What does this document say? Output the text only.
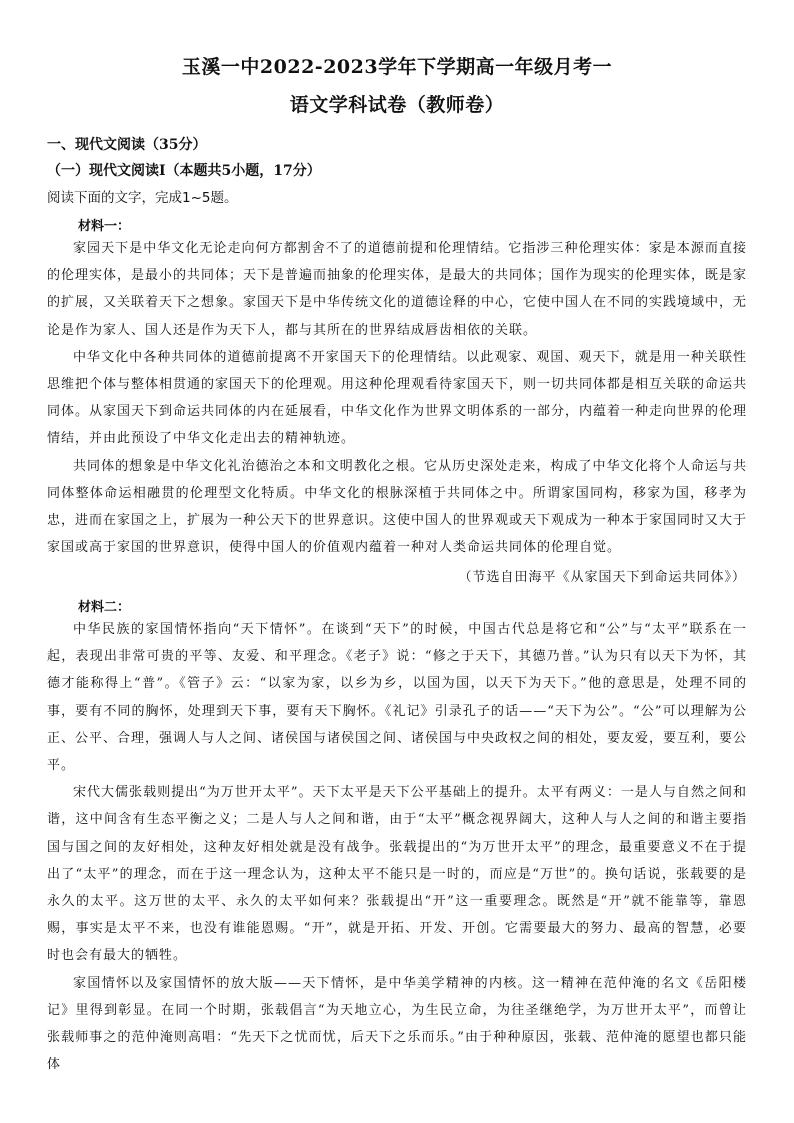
玉溪一中2022-2023学年下学期高一年级月考一
语文学科试卷（教师卷）
一、现代文阅读（35分）
（一）现代文阅读Ⅰ（本题共5小题，17分）
阅读下面的文字，完成1~5题。
材料一：

家园天下是中华文化无论走向何方都割舍不了的道德前提和伦理情结。它指涉三种伦理实体：家是本源而直接的伦理实体，是最小的共同体；天下是普遍而抽象的伦理实体，是最大的共同体；国作为现实的伦理实体，既是家的扩展，又关联着天下之想象。家国天下是中华传统文化的道德诠释的中心，它使中国人在不同的实践境域中，无论是作为家人、国人还是作为天下人，都与其所在的世界结成唇齿相依的关联。

中华文化中各种共同体的道德前提离不开家国天下的伦理情结。以此观家、观国、观天下，就是用一种关联性思维把个体与整体相贯通的家国天下的伦理观。用这种伦理观看待家国天下，则一切共同体都是相互关联的命运共同体。从家国天下到命运共同体的内在延展看，中华文化作为世界文明体系的一部分，内蕴着一种走向世界的伦理情结，并由此预设了中华文化走出去的精神轨迹。

共同体的想象是中华文化礼治德治之本和文明教化之根。它从历史深处走来，构成了中华文化将个人命运与共同体整体命运相融贯的伦理型文化特质。中华文化的根脉深植于共同体之中。所谓家国同构，移家为国，移孝为忠，进而在家国之上，扩展为一种公天下的世界意识。这使中国人的世界观或天下观成为一种本于家国同时又大于家国或高于家国的世界意识，使得中国人的价值观内蕴着一种对人类命运共同体的伦理自觉。

（节选自田海平《从家国天下到命运共同体》）
材料二：

中华民族的家国情怀指向“天下情怀”。在谈到“天下”的时候，中国古代总是将它和“公”与“太平”联系在一起，表现出非常可贵的平等、友爱、和平理念。《老子》说：“修之于天下，其德乃普。”认为只有以天下为怀，其德才能称得上“普”。《管子》云：“以家为家，以乡为乡，以国为国，以天下为天下。”他的意思是，处理不同的事，要有不同的胸怀，处理到天下事，要有天下胸怀。《礼记》引录孔子的话——“天下为公”。“公”可以理解为公正、公平、合理，强调人与人之间、诸侯国与诸侯国之间、诸侯国与中央政权之间的相处，要友爱，要互利，要公平。

宋代大儒张载则提出“为万世开太平”。天下太平是天下公平基础上的提升。太平有两义：一是人与自然之间和谐，这中间含有生态平衡之义；二是人与人之间和谐，由于“太平”概念视界阔大，这种人与人之间的和谐主要指国与国之间的友好相处，这种友好相处就是没有战争。张载提出的“为万世开太平”的理念，最重要意义不在于提出了“太平”的理念，而在于这一理念认为，这种太平不能只是一时的，而应是“万世”的。换句话说，张载要的是永久的太平。这万世的太平、永久的太平如何来？张载提出“开”这一重要理念。既然是“开”就不能靠等，靠恩赐，事实是太平不来，也没有谁能恩赐。“开”，就是开拓、开发、开创。它需要最大的努力、最高的智慧，必要时也会有最大的牺牲。

家国情怀以及家国情怀的放大版——天下情怀，是中华美学精神的内核。这一精神在范仲淹的名文《岳阳楼记》里得到彰显。在同一个时期，张载倡言“为天地立心，为生民立命，为往圣继绝学，为万世开太平”，而曾让张载师事之的范仲淹则高唱：“先天下之忧而忧，后天下之乐而乐。”由于种种原因，张载、范仲淹的愿望也都只能体
